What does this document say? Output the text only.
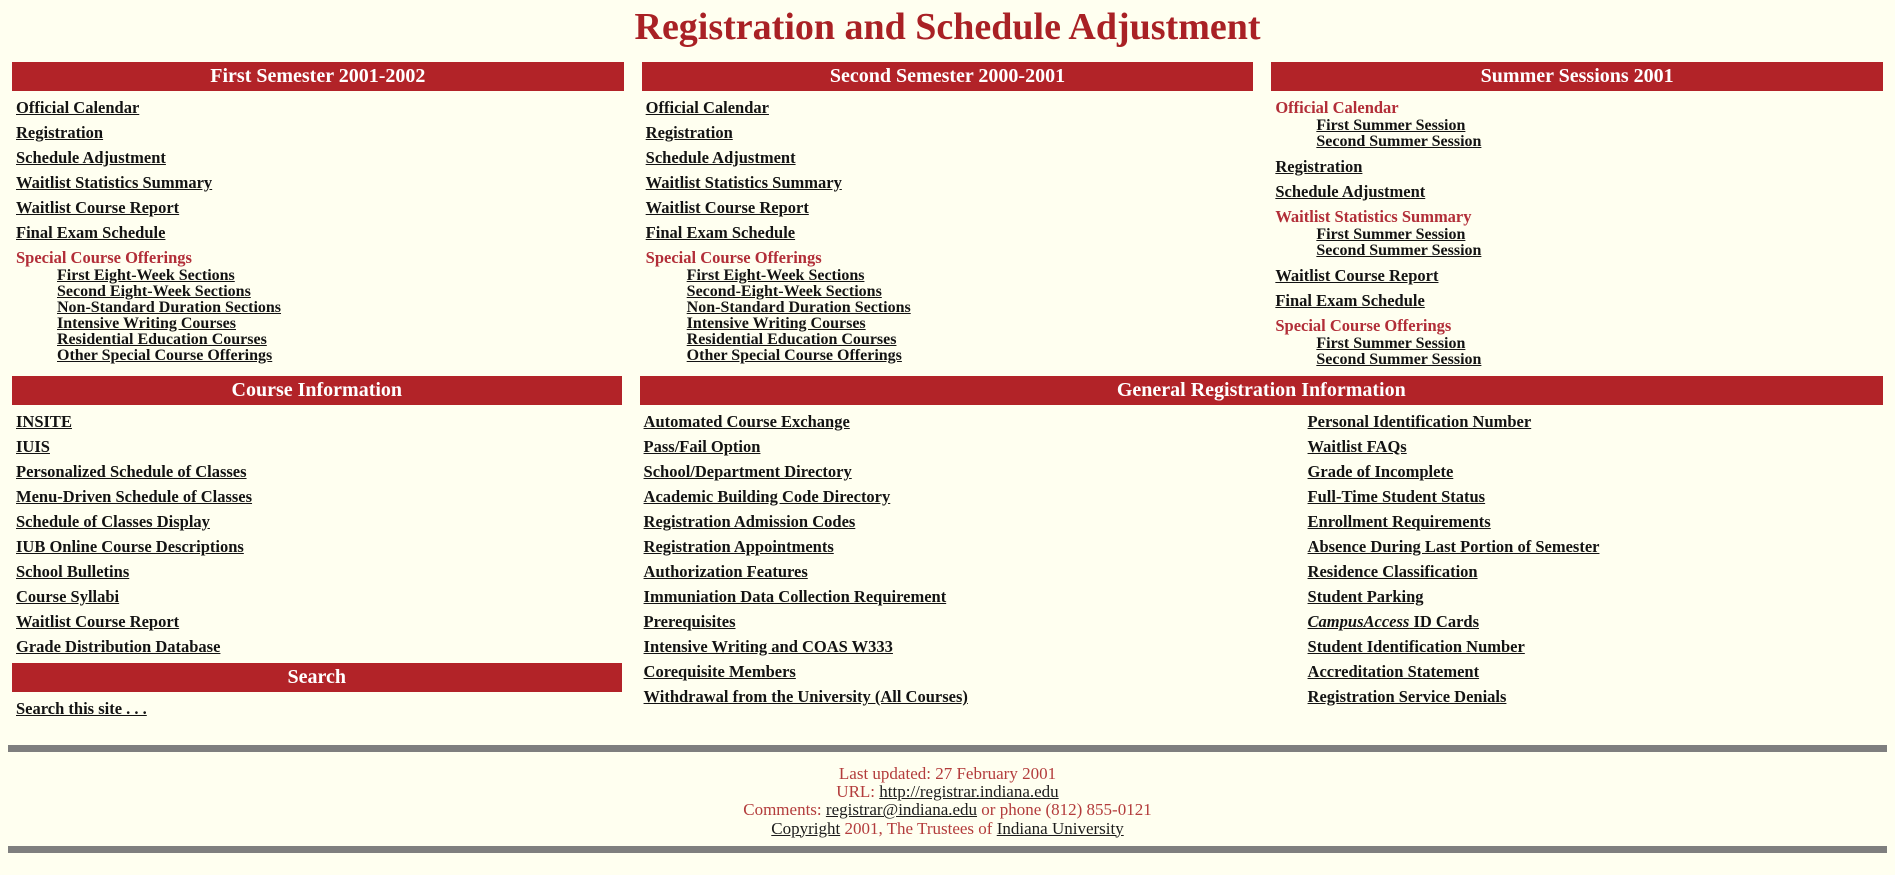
Registration and Schedule Adjustment
First Semester 2001-2002

Official Calendar

Registration

Schedule Adjustment

Waitlist Statistics Summary

Waitlist Course Report

Final Exam Schedule

Special Course Offerings

First Eight-Week Sections
Second Eight-Week Sections
Non-Standard Duration Sections
Intensive Writing Courses
Residential Education Courses
Other Special Course Offerings
Second Semester 2000-2001

Official Calendar

Registration

Schedule Adjustment

Waitlist Statistics Summary

Waitlist Course Report

Final Exam Schedule

Special Course Offerings

First Eight-Week Sections
Second-Eight-Week Sections
Non-Standard Duration Sections
Intensive Writing Courses
Residential Education Courses
Other Special Course Offerings
Summer Sessions 2001

Official Calendar

First Summer Session
Second Summer Session

Registration

Schedule Adjustment

Waitlist Statistics Summary

First Summer Session
Second Summer Session

Waitlist Course Report

Final Exam Schedule

Special Course Offerings

First Summer Session
Second Summer Session
Course Information

INSITE

IUIS

Personalized Schedule of Classes

Menu-Driven Schedule of Classes

Schedule of Classes Display

IUB Online Course Descriptions

School Bulletins

Course Syllabi

Waitlist Course Report

Grade Distribution Database

Search

Search this site . . .

General Registration Information

Automated Course Exchange

Pass/Fail Option

School/Department Directory

Academic Building Code Directory

Registration Admission Codes

Registration Appointments

Authorization Features

Immuniation Data Collection Requirement

Prerequisites

Intensive Writing and COAS W333

Corequisite Members

Withdrawal from the University (All Courses)

Personal Identification Number

Waitlist FAQs

Grade of Incomplete

Full-Time Student Status

Enrollment Requirements

Absence During Last Portion of Semester

Residence Classification

Student Parking

CampusAccess ID Cards

Student Identification Number

Accreditation Statement

Registration Service Denials

Last updated: 27 February 2001
URL: http://registrar.indiana.edu
Comments: registrar@indiana.edu or phone (812) 855-0121
Copyright 2001, The Trustees of Indiana University
